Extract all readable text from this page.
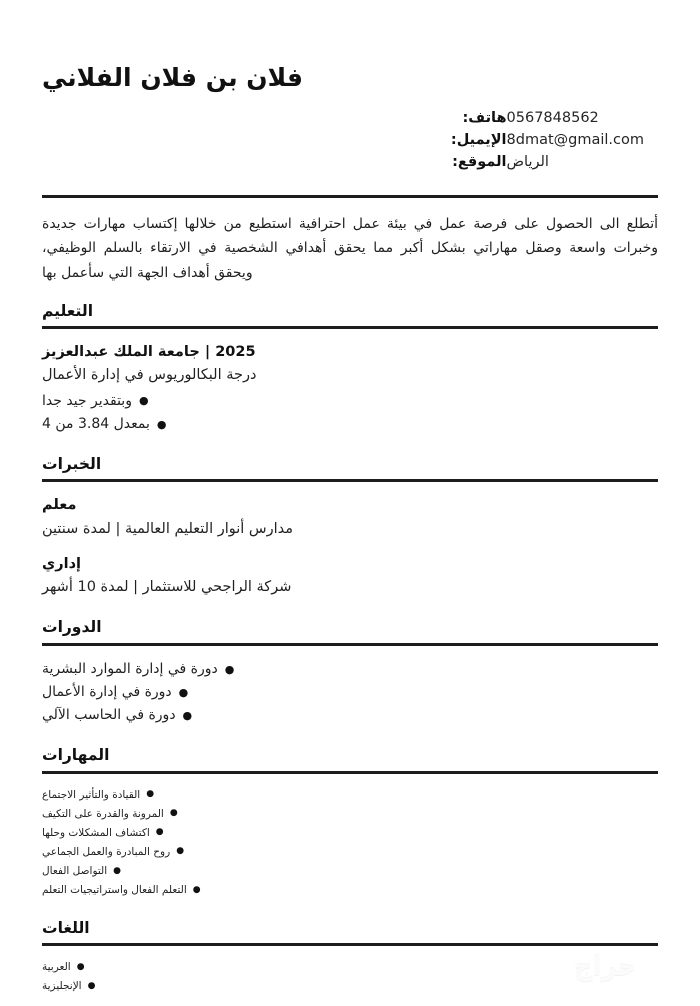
فلان بن فلان الفلاني
0567848562	هاتف:
8dmat@gmail.com	الإيميل:
الرياض	الموقع:

أتطلع الى الحصول على فرصة عمل في بيئة عمل احترافية استطيع من خلالها إكتساب مهارات جديدة وخبرات واسعة وصقل مهاراتي بشكل أكبر مما يحقق أهدافي الشخصية في الارتقاء بالسلم الوظيفي، ويحقق أهداف الجهة التي سأعمل بها

التعليم
2025 | جامعة الملك عبدالعزيز
درجة البكالوريوس في إدارة الأعمال
●وبتقدير جيد جدا
●بمعدل 3.84 من 4
الخبرات
معلم
مدارس أنوار التعليم العالمية | لمدة سنتين
إداري
شركة الراجحي للاستثمار | لمدة 10 أشهر
الدورات
●دورة في إدارة الموارد البشرية
●دورة في إدارة الأعمال
●دورة في الحاسب الآلي
المهارات
●القيادة والتأثير الاجتماع
●المرونة والقدرة على التكيف
●اكتشاف المشكلات وحلها
●روح المبادرة والعمل الجماعي
●التواصل الفعال
●التعلم الفعال واستراتيجيات التعلم
اللغات
●العربية
●الإنجليزية
حراج
